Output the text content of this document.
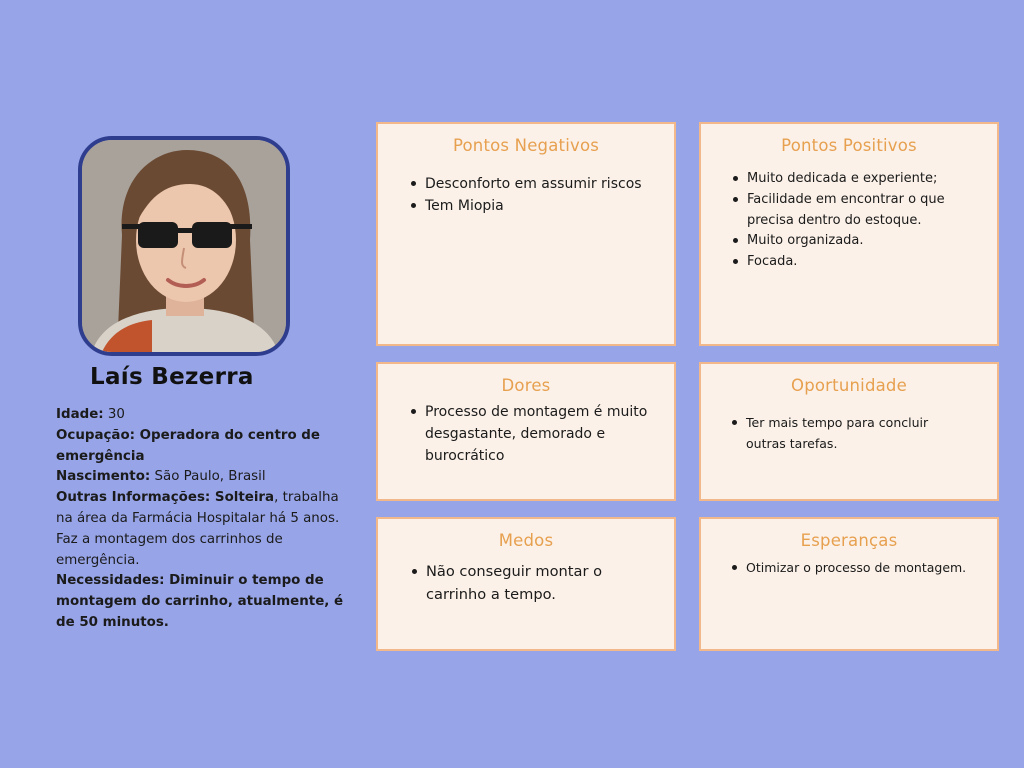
Laís Bezerra

Idade: 30

Ocupação: Operadora do centro de emergência

Nascimento: São Paulo, Brasil

Outras Informações: Solteira, trabalha na área da Farmácia Hospitalar há 5 anos. Faz a montagem dos carrinhos de emergência.

Necessidades: Diminuir o tempo de montagem do carrinho, atualmente, é de 50 minutos.

Pontos Negativos
Desconforto em assumir riscos
Tem Miopia
Pontos Positivos
Muito dedicada e experiente;
Facilidade em encontrar o que precisa dentro do estoque.
Muito organizada.
Focada.
Dores
Processo de montagem é muito desgastante, demorado e burocrático
Oportunidade
Ter mais tempo para concluir outras tarefas.
Medos
Não conseguir montar o carrinho a tempo.
Esperanças
Otimizar o processo de montagem.
